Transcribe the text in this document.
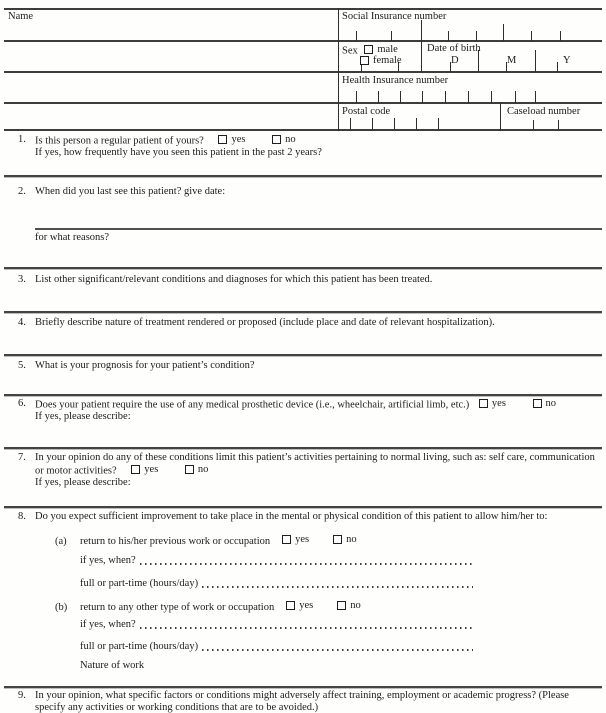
Name	Social Insurance number
Sex male
female
Date of birth
D	M	Y
Health Insurance number
Postal code	Caseload number
1. Is this person a regular patient of yours?	yes
	no
If yes, how frequently have you seen this patient in the past 2 years?
2. When did you last see this patient? give date:
for what reasons?
3. List other significant/relevant conditions and diagnoses for which this patient has been treated.
4. Briefly describe nature of treatment rendered or proposed (include place and date of relevant hospitalization).
5. What is your prognosis for your patient’s condition?
6. Does your patient require the use of any medical prosthetic device (i.e., wheelchair, artificial limb, etc.) yes
	no
If yes, please describe:
7. In your opinion do any of these conditions limit this patient’s activities pertaining to normal living, such as: self care, communication or motor activities?	yes
	no
If yes, please describe:
8. Do you expect sufficient improvement to take place in the mental or physical condition of this patient to allow him/her to:
(a)	return to his/her previous work or occupation yes	no
if yes, when?
full or part-time (hours/day)
(b)	return to any other type of work or occupation yes	no
if yes, when?
full or part-time (hours/day)
Nature of work
9. In your opinion, what specific factors or conditions might adversely affect training, employment or academic progress? (Please specify any activities or working conditions that are to be avoided.)
